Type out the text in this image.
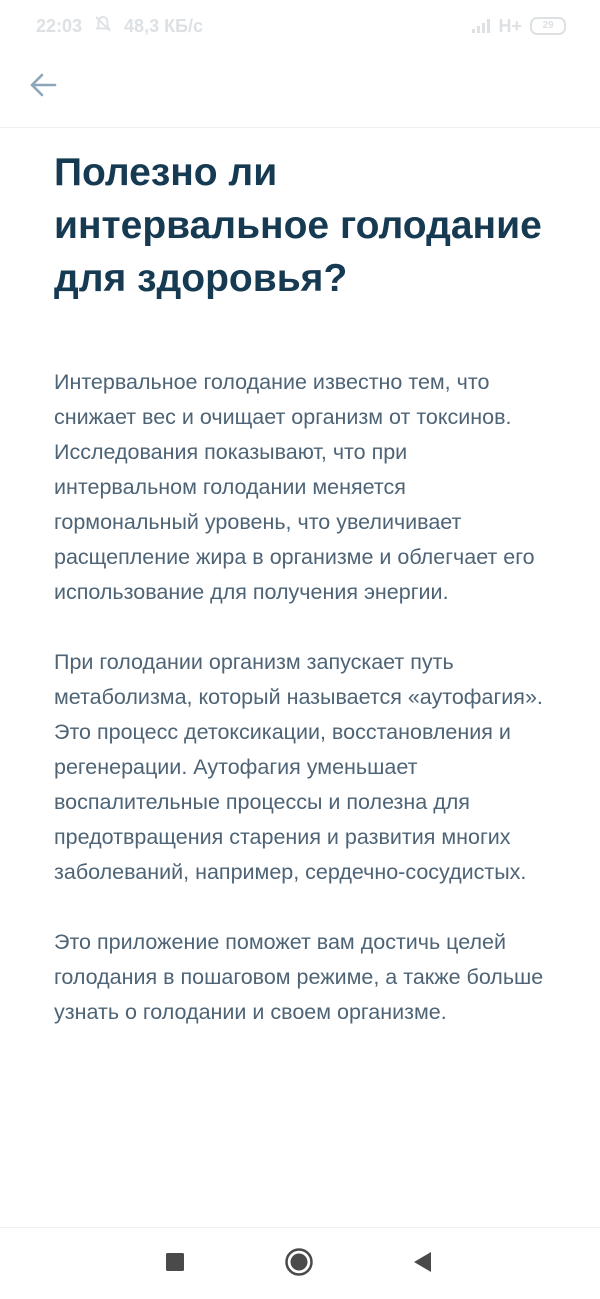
22:03 48,3 КБ/с	H+	29
Полезно ли интервальное голодание для здоровья?

Интервальное голодание известно тем, что снижает вес и очищает организм от токсинов. Исследования показывают, что при интервальном голодании меняется гормональный уровень, что увеличивает расщепление жира в организме и облегчает его использование для получения энергии.

При голодании организм запускает путь метаболизма, который называется «аутофагия». Это процесс детоксикации, восстановления и регенерации. Аутофагия уменьшает воспалительные процессы и полезна для предотвращения старения и развития многих заболеваний, например, сердечно-сосудистых.

Это приложение поможет вам достичь целей голодания в пошаговом режиме, а также больше узнать о голодании и своем организме.
